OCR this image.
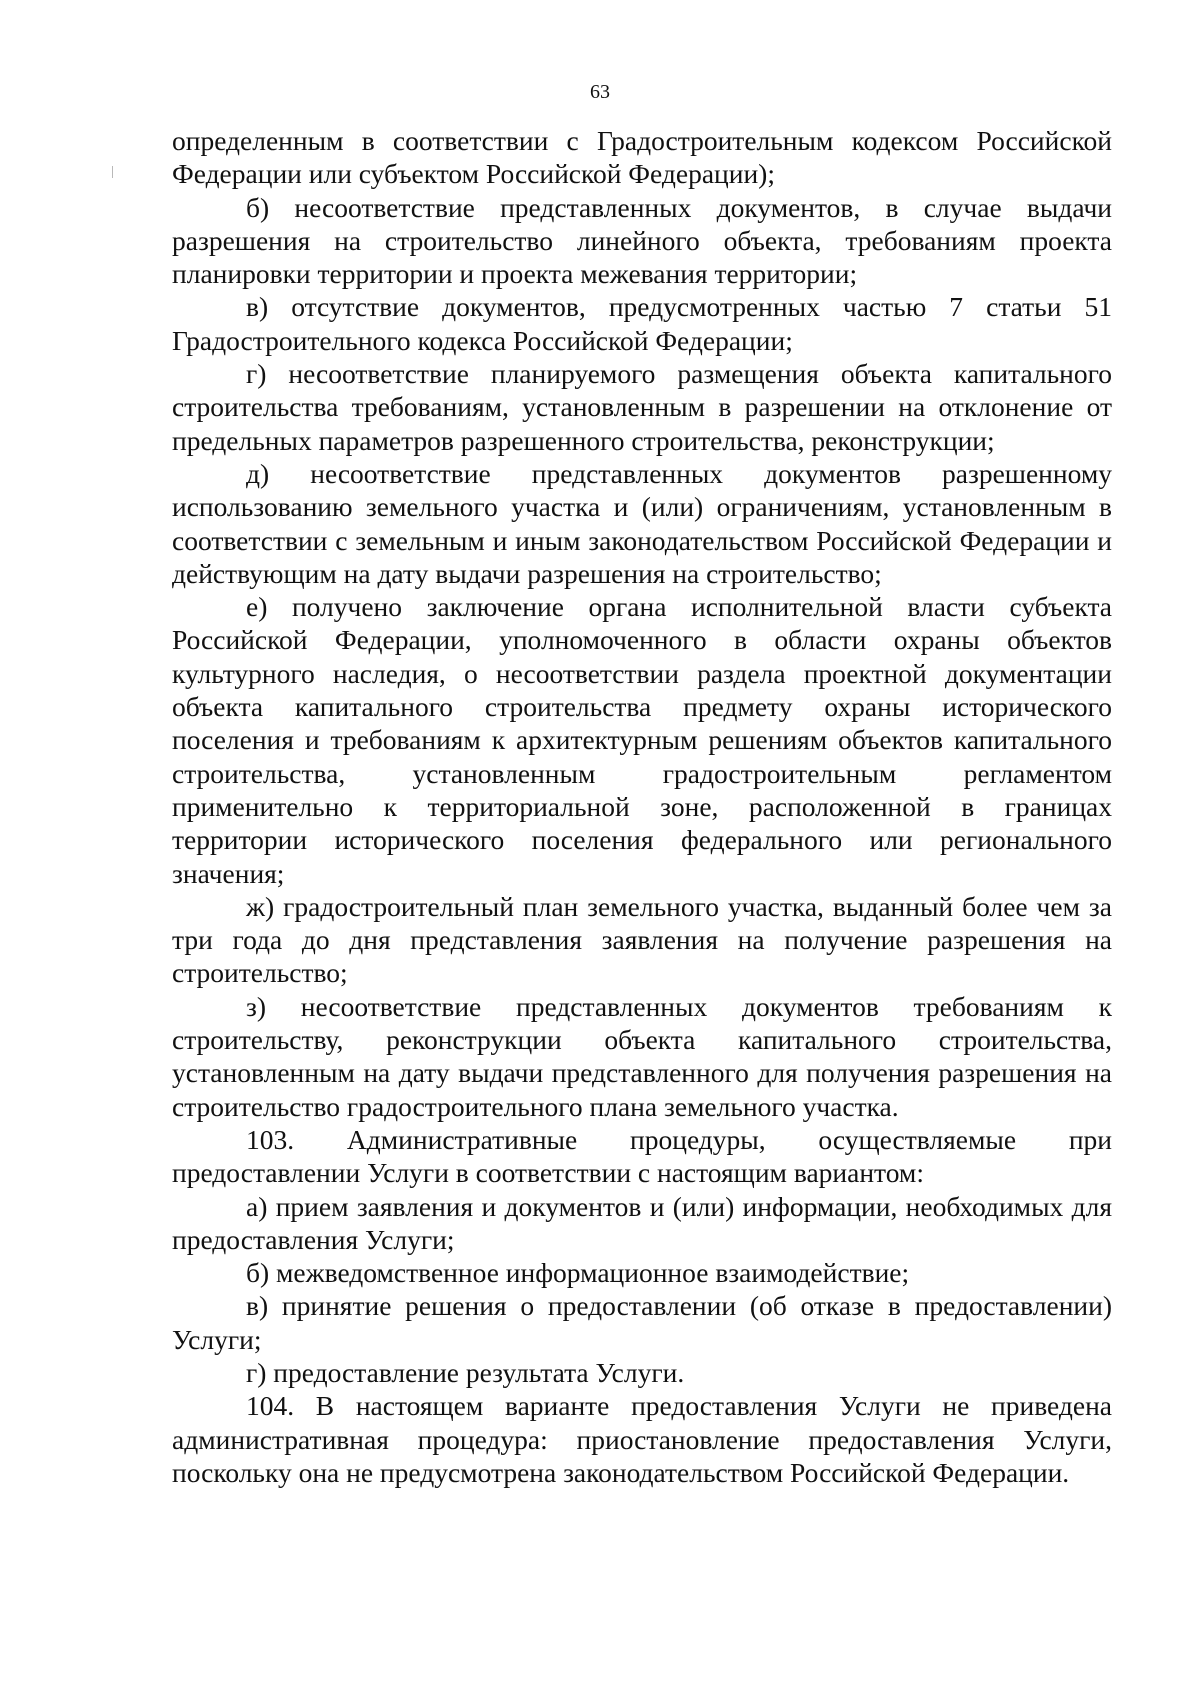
63

определенным в соответствии с Градостроительным кодексом Российской Федерации или субъектом Российской Федерации);

б) несоответствие представленных документов, в случае выдачи разрешения на строительство линейного объекта, требованиям проекта планировки территории и проекта межевания территории;

в) отсутствие документов, предусмотренных частью 7 статьи 51 Градостроительного кодекса Российской Федерации;

г) несоответствие планируемого размещения объекта капитального строительства требованиям, установленным в разрешении на отклонение от предельных параметров разрешенного строительства, реконструкции;

д) несоответствие представленных документов разрешенному использованию земельного участка и (или) ограничениям, установленным в соответствии с земельным и иным законодательством Российской Федерации и действующим на дату выдачи разрешения на строительство;

е) получено заключение органа исполнительной власти субъекта Российской Федерации, уполномоченного в области охраны объектов культурного наследия, о несоответствии раздела проектной документации объекта капитального строительства предмету охраны исторического поселения и требованиям к архитектурным решениям объектов капитального строительства, установленным градостроительным регламентом применительно к территориальной зоне, расположенной в границах территории исторического поселения федерального или регионального значения;

ж) градостроительный план земельного участка, выданный более чем за три года до дня представления заявления на получение разрешения на строительство;

з) несоответствие представленных документов требованиям к строительству, реконструкции объекта капитального строительства, установленным на дату выдачи представленного для получения разрешения на строительство градостроительного плана земельного участка.

103. Административные процедуры, осуществляемые при предоставлении Услуги в соответствии с настоящим вариантом:

а) прием заявления и документов и (или) информации, необходимых для предоставления Услуги;

б) межведомственное информационное взаимодействие;

в) принятие решения о предоставлении (об отказе в предоставлении) Услуги;

г) предоставление результата Услуги.

104. В настоящем варианте предоставления Услуги не приведена административная процедура: приостановление предоставления Услуги, поскольку она не предусмотрена законодательством Российской Федерации.
